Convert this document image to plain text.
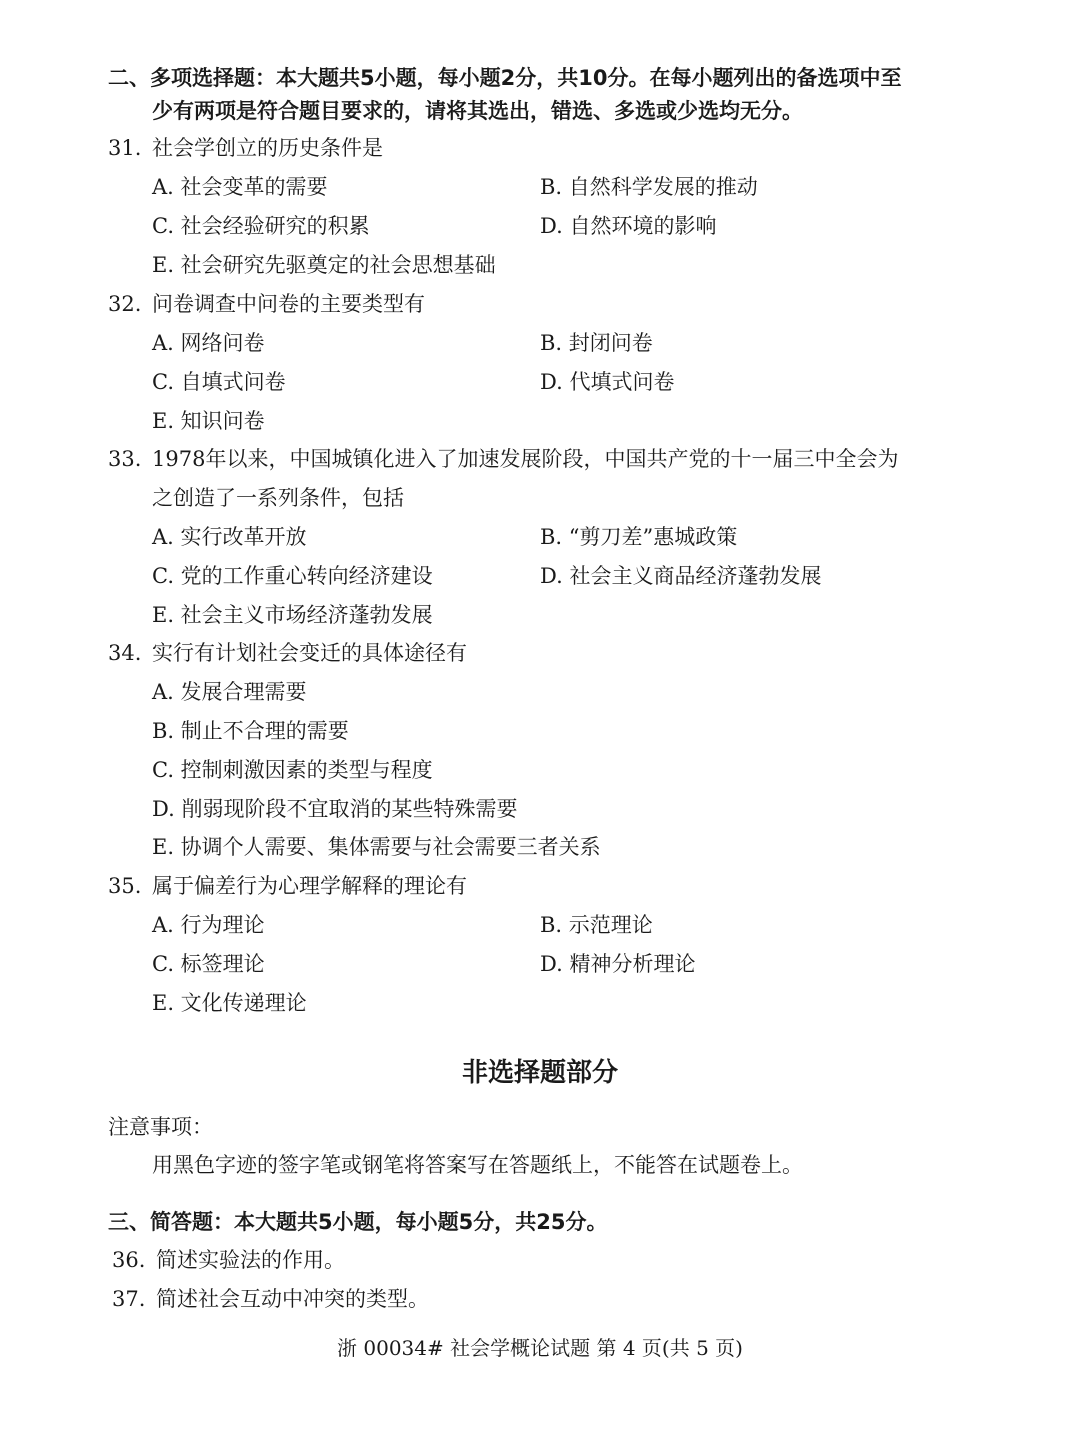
二、多项选择题：本大题共5小题，每小题2分，共10分。在每小题列出的备选项中至
少有两项是符合题目要求的，请将其选出，错选、多选或少选均无分。
31. 社会学创立的历史条件是
A. 社会变革的需要	B. 自然科学发展的推动
C. 社会经验研究的积累	D. 自然环境的影响
E. 社会研究先驱奠定的社会思想基础
32. 问卷调查中问卷的主要类型有
A. 网络问卷	B. 封闭问卷
C. 自填式问卷	D. 代填式问卷
E. 知识问卷
33. 1978年以来，中国城镇化进入了加速发展阶段，中国共产党的十一届三中全会为
之创造了一系列条件，包括
A. 实行改革开放	B. “剪刀差”惠城政策
C. 党的工作重心转向经济建设	D. 社会主义商品经济蓬勃发展
E. 社会主义市场经济蓬勃发展
34. 实行有计划社会变迁的具体途径有
A. 发展合理需要
B. 制止不合理的需要
C. 控制刺激因素的类型与程度
D. 削弱现阶段不宜取消的某些特殊需要
E. 协调个人需要、集体需要与社会需要三者关系
35. 属于偏差行为心理学解释的理论有
A. 行为理论	B. 示范理论
C. 标签理论	D. 精神分析理论
E. 文化传递理论
非选择题部分
注意事项：
用黑色字迹的签字笔或钢笔将答案写在答题纸上，不能答在试题卷上。
三、简答题：本大题共5小题，每小题5分，共25分。
36. 简述实验法的作用。
37. 简述社会互动中冲突的类型。
浙 00034# 社会学概论试题 第 4 页(共 5 页)
